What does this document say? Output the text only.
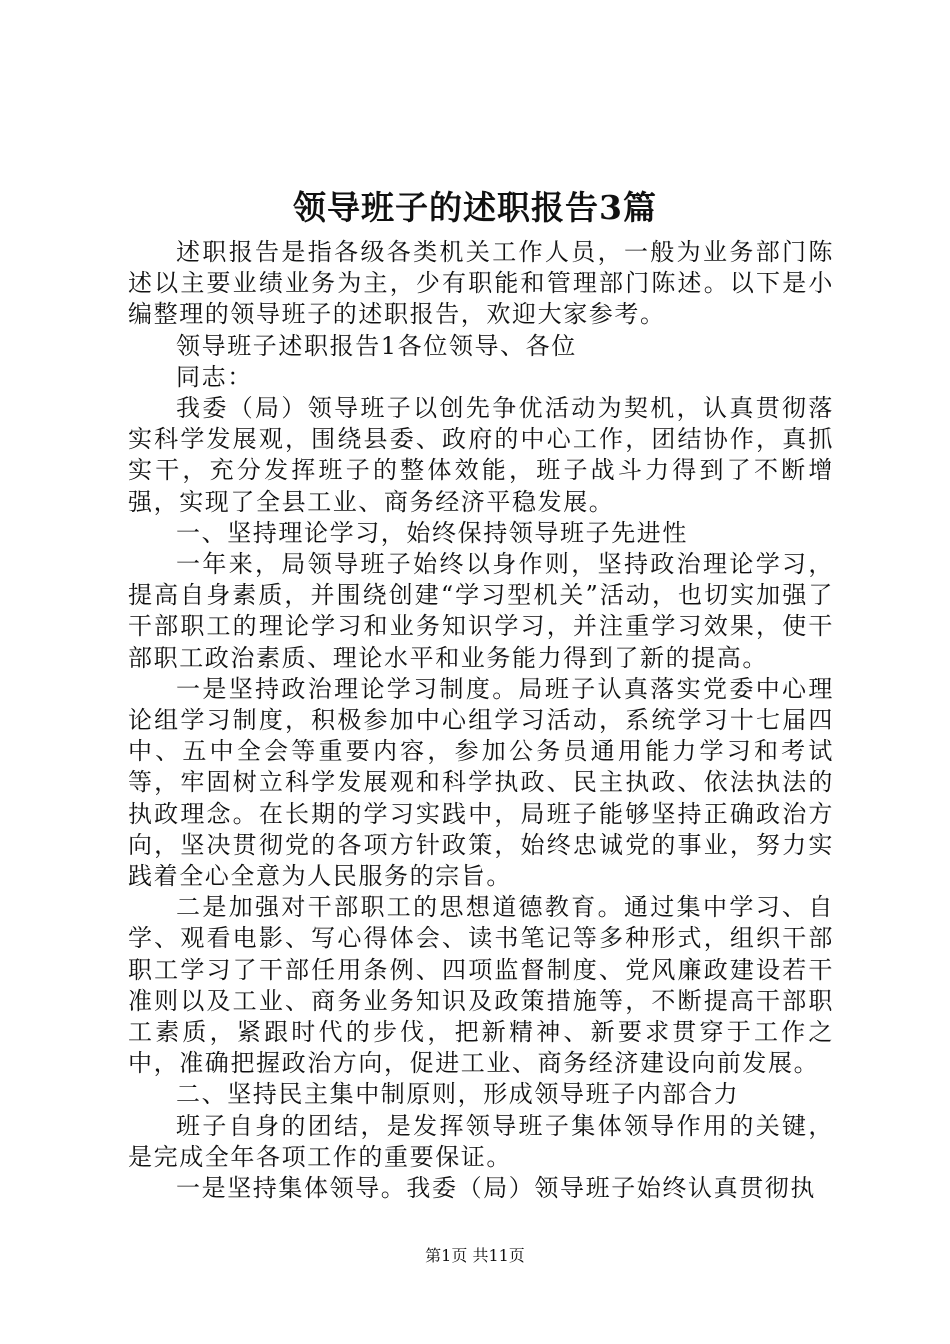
领导班子的述职报告3篇

述职报告是指各级各类机关工作人员，一般为业务部门陈述以主要业绩业务为主，少有职能和管理部门陈述。以下是小编整理的领导班子的述职报告，欢迎大家参考。

领导班子述职报告1各位领导、各位

同志：

我委（局）领导班子以创先争优活动为契机，认真贯彻落实科学发展观，围绕县委、政府的中心工作，团结协作，真抓实干，充分发挥班子的整体效能，班子战斗力得到了不断增强，实现了全县工业、商务经济平稳发展。

一、坚持理论学习，始终保持领导班子先进性

一年来，局领导班子始终以身作则，坚持政治理论学习，提高自身素质，并围绕创建“学习型机关”活动，也切实加强了干部职工的理论学习和业务知识学习，并注重学习效果，使干部职工政治素质、理论水平和业务能力得到了新的提高。

一是坚持政治理论学习制度。局班子认真落实党委中心理论组学习制度，积极参加中心组学习活动，系统学习十七届四中、五中全会等重要内容，参加公务员通用能力学习和考试等，牢固树立科学发展观和科学执政、民主执政、依法执法的执政理念。在长期的学习实践中，局班子能够坚持正确政治方向，坚决贯彻党的各项方针政策，始终忠诚党的事业，努力实践着全心全意为人民服务的宗旨。

二是加强对干部职工的思想道德教育。通过集中学习、自学、观看电影、写心得体会、读书笔记等多种形式，组织干部职工学习了干部任用条例、四项监督制度、党风廉政建设若干准则以及工业、商务业务知识及政策措施等，不断提高干部职工素质，紧跟时代的步伐，把新精神、新要求贯穿于工作之中，准确把握政治方向，促进工业、商务经济建设向前发展。

二、坚持民主集中制原则，形成领导班子内部合力

班子自身的团结，是发挥领导班子集体领导作用的关键，是完成全年各项工作的重要保证。

一是坚持集体领导。我委（局）领导班子始终认真贯彻执

第1页 共11页
